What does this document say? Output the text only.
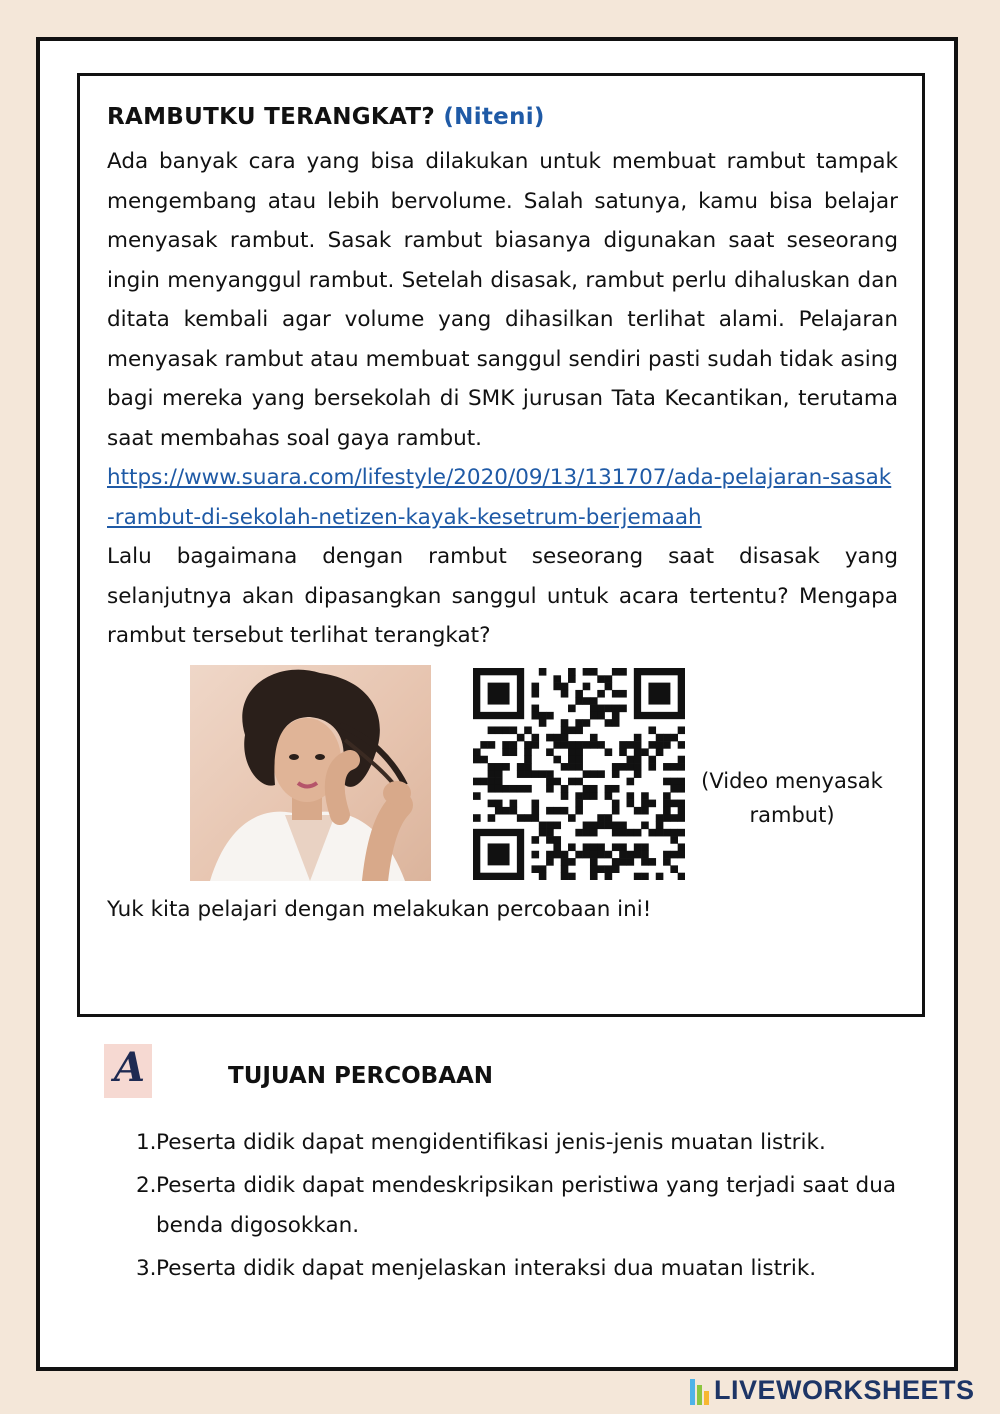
RAMBUTKU TERANGKAT? (Niteni)

Ada banyak cara yang bisa dilakukan untuk membuat rambut tampak mengembang atau lebih bervolume. Salah satunya, kamu bisa belajar menyasak rambut. Sasak rambut biasanya digunakan saat seseorang ingin menyanggul rambut. Setelah disasak, rambut perlu dihaluskan dan ditata kembali agar volume yang dihasilkan terlihat alami. Pelajaran menyasak rambut atau membuat sanggul sendiri pasti sudah tidak asing bagi mereka yang bersekolah di SMK jurusan Tata Kecantikan, terutama saat membahas soal gaya rambut.

https://www.suara.com/lifestyle/2020/09/13/131707/ada-pelajaran-sasak-rambut-di-sekolah-netizen-kayak-kesetrum-berjemaah

Lalu bagaimana dengan rambut seseorang saat disasak yang selanjutnya akan dipasangkan sanggul untuk acara tertentu? Mengapa rambut tersebut terlihat terangkat?

(Video menyasak rambut)

Yuk kita pelajari dengan melakukan percobaan ini!

A	TUJUAN PERCOBAAN
1. Peserta didik dapat mengidentifikasi jenis-jenis muatan listrik.
2. Peserta didik dapat mendeskripsikan peristiwa yang terjadi saat dua benda digosokkan.
3. Peserta didik dapat menjelaskan interaksi dua muatan listrik.
LIVEWORKSHEETS
